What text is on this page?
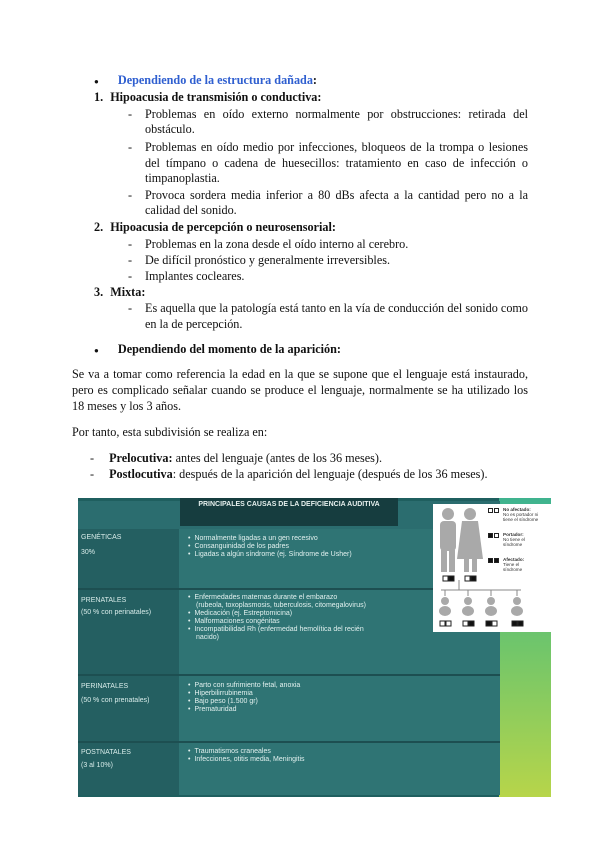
● Dependiendo de la estructura dañada:
1. Hipoacusia de transmisión o conductiva:
- Problemas en oído externo normalmente por obstrucciones: retirada del
obstáculo.
- Problemas en oído medio por infecciones, bloqueos de la trompa o lesiones
del tímpano o cadena de huesecillos: tratamiento en caso de infección o
timpanoplastia.
- Provoca sordera media inferior a 80 dBs afecta a la cantidad pero no a la
calidad del sonido.
2. Hipoacusia de percepción o neurosensorial:
- Problemas en la zona desde el oído interno al cerebro.
- De difícil pronóstico y generalmente irreversibles.
- Implantes cocleares.
3. Mixta:
- Es aquella que la patología está tanto en la vía de conducción del sonido como
en la de percepción.
● Dependiendo del momento de la aparición:
Se va a tomar como referencia la edad en la que se supone que el lenguaje está instaurado,
pero es complicado señalar cuando se produce el lenguaje, normalmente se ha utilizado los
18 meses y los 3 años.
Por tanto, esta subdivisión se realiza en:
- Prelocutiva: antes del lenguaje (antes de los 36 meses).
- Postlocutiva: después de la aparición del lenguaje (después de los 36 meses).
GENÉTICAS
30%
• Normalmente ligadas a un gen recesivo
• Consanguinidad de los padres
• Ligadas a algún síndrome (ej. Síndrome de Usher)
PRENATALES
(50 % con perinatales)
• Enfermedades maternas durante el embarazo
(rubeola, toxoplasmosis, tuberculosis, citomegalovirus)
• Medicación (ej. Estreptomicina)
• Malformaciones congénitas
• Incompatibilidad Rh (enfermedad hemolítica del recién
nacido)
PERINATALES
(50 % con prenatales)
• Parto con sufrimiento fetal, anoxia
• Hiperbilirrubinemia
• Bajo peso (1.500 gr)
• Prematuridad
POSTNATALES
(3 al 10%)
• Traumatismos craneales
• Infecciones, otitis media, Meningitis
PRINCIPALES CAUSAS DE LA DEFICIENCIA AUDITIVA
No afectado:
No es portador ni
tiene el síndrome
Portador:
No tiene el
síndrome
Afectado:
Tiene el
síndrome
